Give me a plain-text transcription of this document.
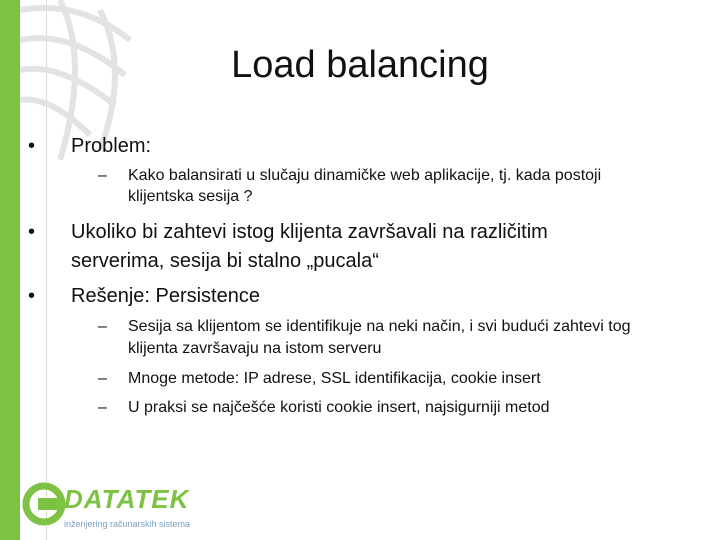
Load balancing
•	Problem:
– Kako balansirati u slučaju dinamičke web aplikacije, tj. kada postoji
klijentska sesija ?
•	Ukoliko bi zahtevi istog klijenta završavali na različitim
serverima, sesija bi stalno „pucala“
•	Rešenje: Persistence
– Sesija sa klijentom se identifikuje na neki način, i svi budući zahtevi tog
klijenta završavaju na istom serveru
– Mnoge metode: IP adrese, SSL identifikacija, cookie insert
– U praksi se najčešće koristi cookie insert, najsigurniji metod
DATATEK
inženjering računarskih sistema
